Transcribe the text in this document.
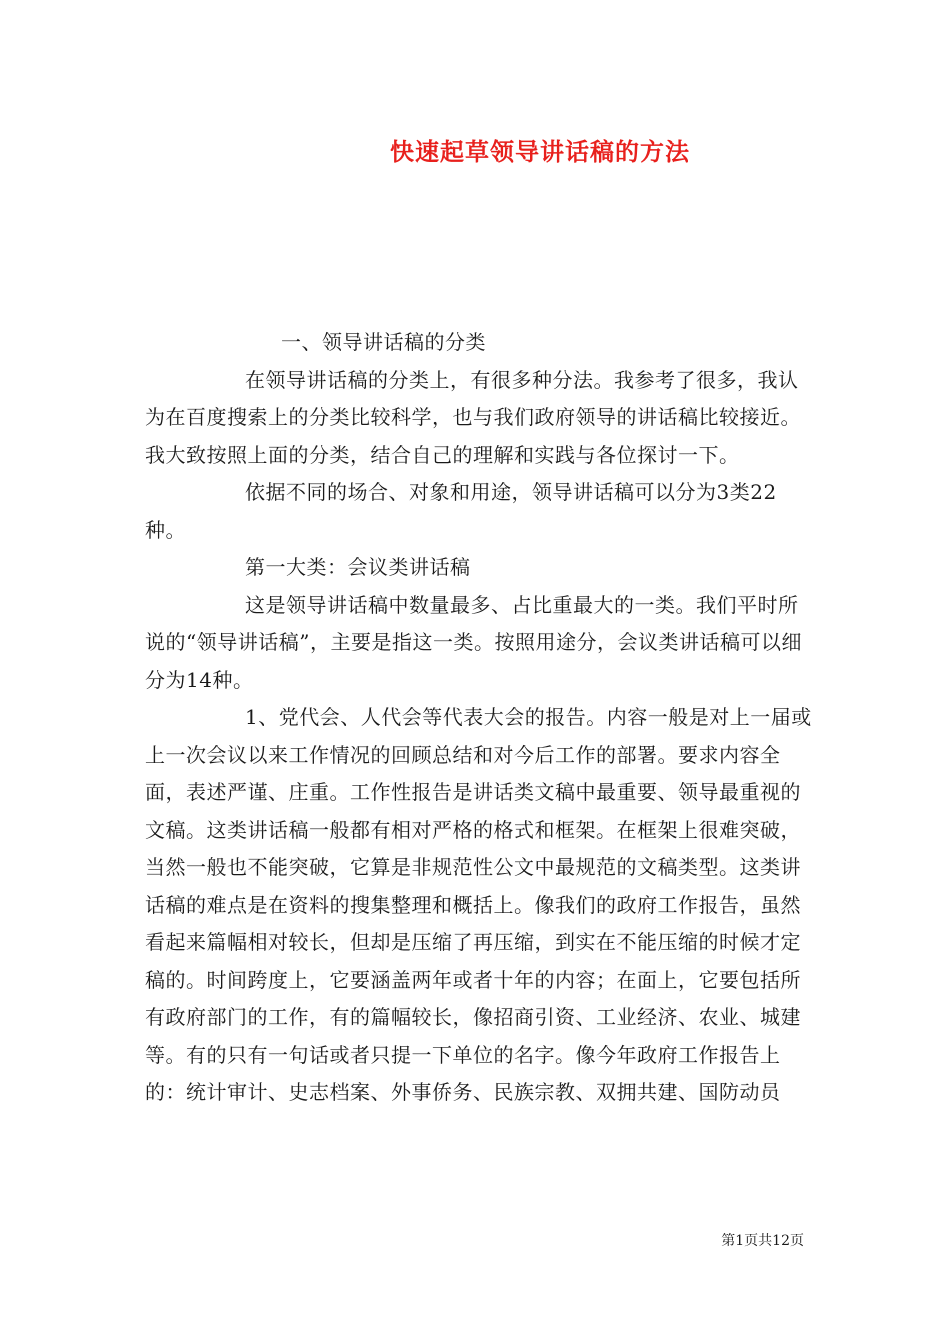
快速起草领导讲话稿的方法

一、领导讲话稿的分类

在领导讲话稿的分类上，有很多种分法。我参考了很多，我认为在百度搜索上的分类比较科学，也与我们政府领导的讲话稿比较接近。我大致按照上面的分类，结合自己的理解和实践与各位探讨一下。

依据不同的场合、对象和用途，领导讲话稿可以分为3类22种。

第一大类：会议类讲话稿

这是领导讲话稿中数量最多、占比重最大的一类。我们平时所说的“领导讲话稿”，主要是指这一类。按照用途分，会议类讲话稿可以细分为14种。

1、党代会、人代会等代表大会的报告。内容一般是对上一届或上一次会议以来工作情况的回顾总结和对今后工作的部署。要求内容全面，表述严谨、庄重。工作性报告是讲话类文稿中最重要、领导最重视的文稿。这类讲话稿一般都有相对严格的格式和框架。在框架上很难突破，当然一般也不能突破，它算是非规范性公文中最规范的文稿类型。这类讲话稿的难点是在资料的搜集整理和概括上。像我们的政府工作报告，虽然看起来篇幅相对较长，但却是压缩了再压缩，到实在不能压缩的时候才定稿的。时间跨度上，它要涵盖两年或者十年的内容；在面上，它要包括所有政府部门的工作，有的篇幅较长，像招商引资、工业经济、农业、城建等。有的只有一句话或者只提一下单位的名字。像今年政府工作报告上的：统计审计、史志档案、外事侨务、民族宗教、双拥共建、国防动员

第1页共12页
